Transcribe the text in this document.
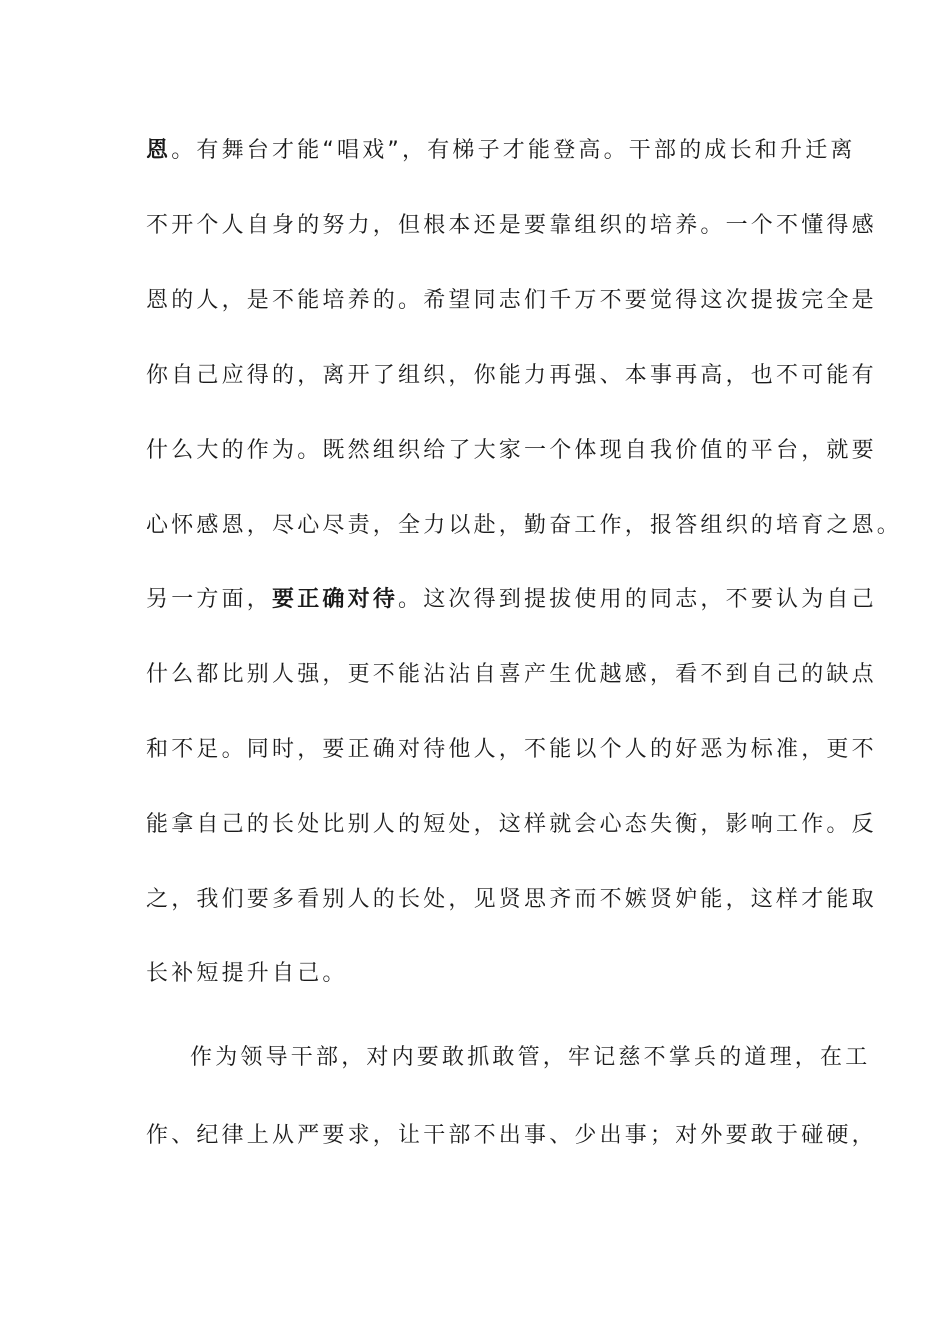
恩。有舞台才能“唱戏”，有梯子才能登高。干部的成长和升迁离
不开个人自身的努力，但根本还是要靠组织的培养。一个不懂得感
恩的人，是不能培养的。希望同志们千万不要觉得这次提拔完全是
你自己应得的，离开了组织，你能力再强、本事再高，也不可能有
什么大的作为。既然组织给了大家一个体现自我价值的平台，就要
心怀感恩，尽心尽责，全力以赴，勤奋工作，报答组织的培育之恩。
另一方面，要正确对待。这次得到提拔使用的同志，不要认为自己
什么都比别人强，更不能沾沾自喜产生优越感，看不到自己的缺点
和不足。同时，要正确对待他人，不能以个人的好恶为标准，更不
能拿自己的长处比别人的短处，这样就会心态失衡，影响工作。反
之，我们要多看别人的长处，见贤思齐而不嫉贤妒能，这样才能取
长补短提升自己。
作为领导干部，对内要敢抓敢管，牢记慈不掌兵的道理，在工
作、纪律上从严要求，让干部不出事、少出事；对外要敢于碰硬，
